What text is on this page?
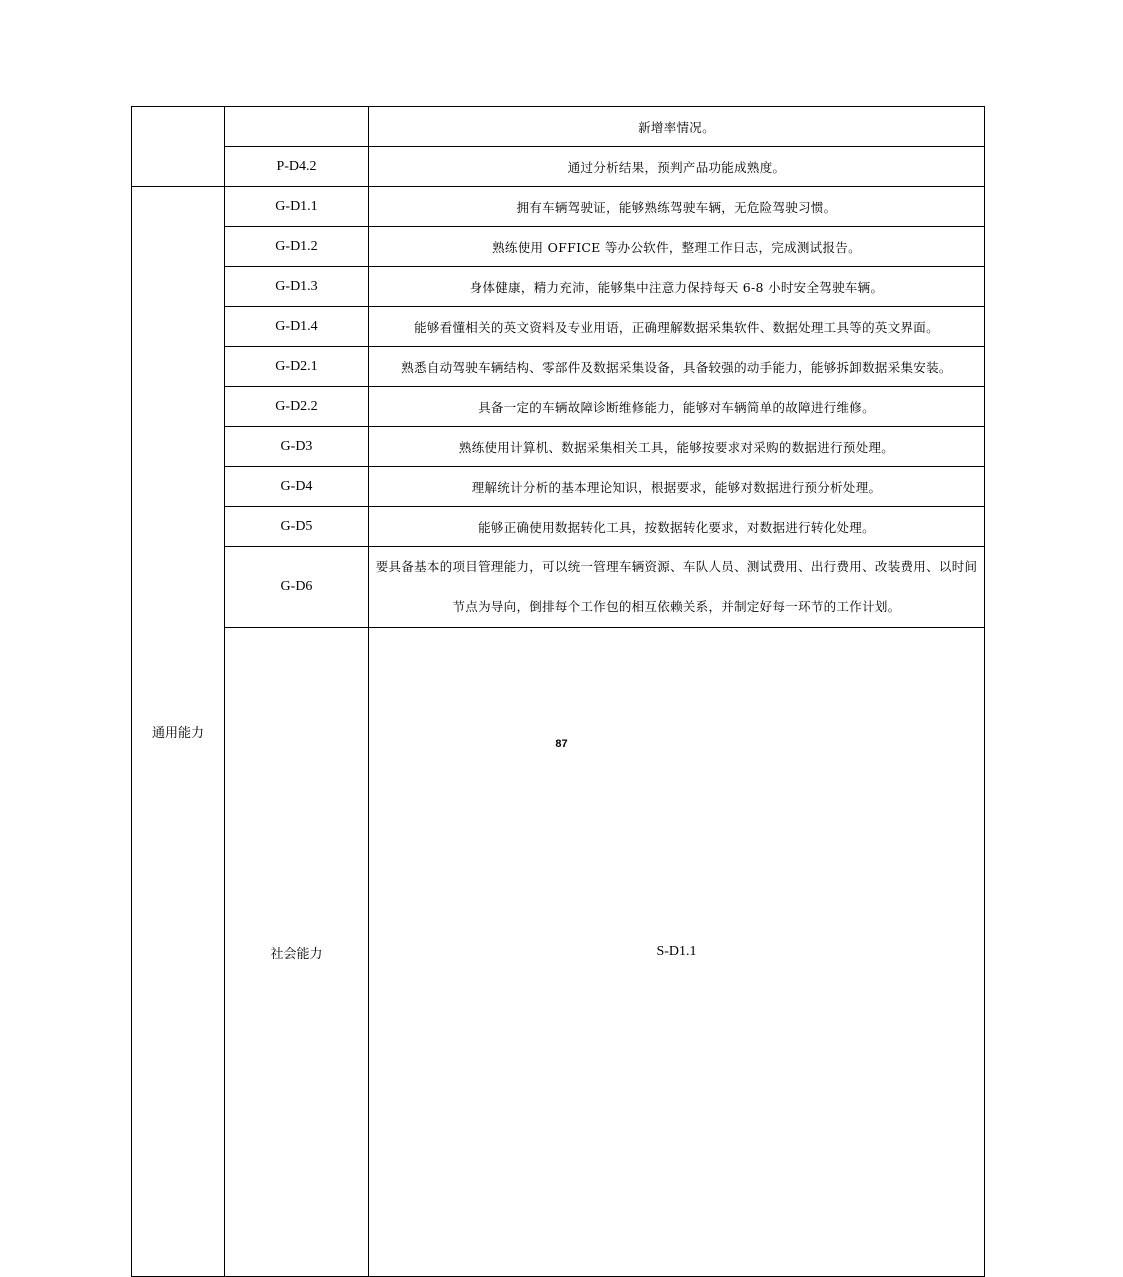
		新增率情况。	
	P-D4.2	通过分析结果，预判产品功能成熟度。	
通用能力	G-D1.1	拥有车辆驾驶证，能够熟练驾驶车辆，无危险驾驶习惯。	
	G-D1.2	熟练使用 OFFICE 等办公软件，整理工作日志，完成测试报告。	
	G-D1.3	身体健康，精力充沛，能够集中注意力保持每天 6-8 小时安全驾驶车辆。	
	G-D1.4	能够看懂相关的英文资料及专业用语，正确理解数据采集软件、数据处理工具等的英文界面。	
	G-D2.1	熟悉自动驾驶车辆结构、零部件及数据采集设备，具备较强的动手能力，能够拆卸数据采集安装。	
	G-D2.2	具备一定的车辆故障诊断维修能力，能够对车辆简单的故障进行维修。	
	G-D3	熟练使用计算机、数据采集相关工具，能够按要求对采购的数据进行预处理。	
	G-D4	理解统计分析的基本理论知识，根据要求，能够对数据进行预分析处理。	
	G-D5	能够正确使用数据转化工具，按数据转化要求，对数据进行转化处理。	
	G-D6	要具备基本的项目管理能力，可以统一管理车辆资源、车队人员、测试费用、出行费用、改装费用、以时间节点为导向，倒排每个工作包的相互依赖关系，并制定好每一环节的工作计划。	
	社会能力	S-D1.1	
87
